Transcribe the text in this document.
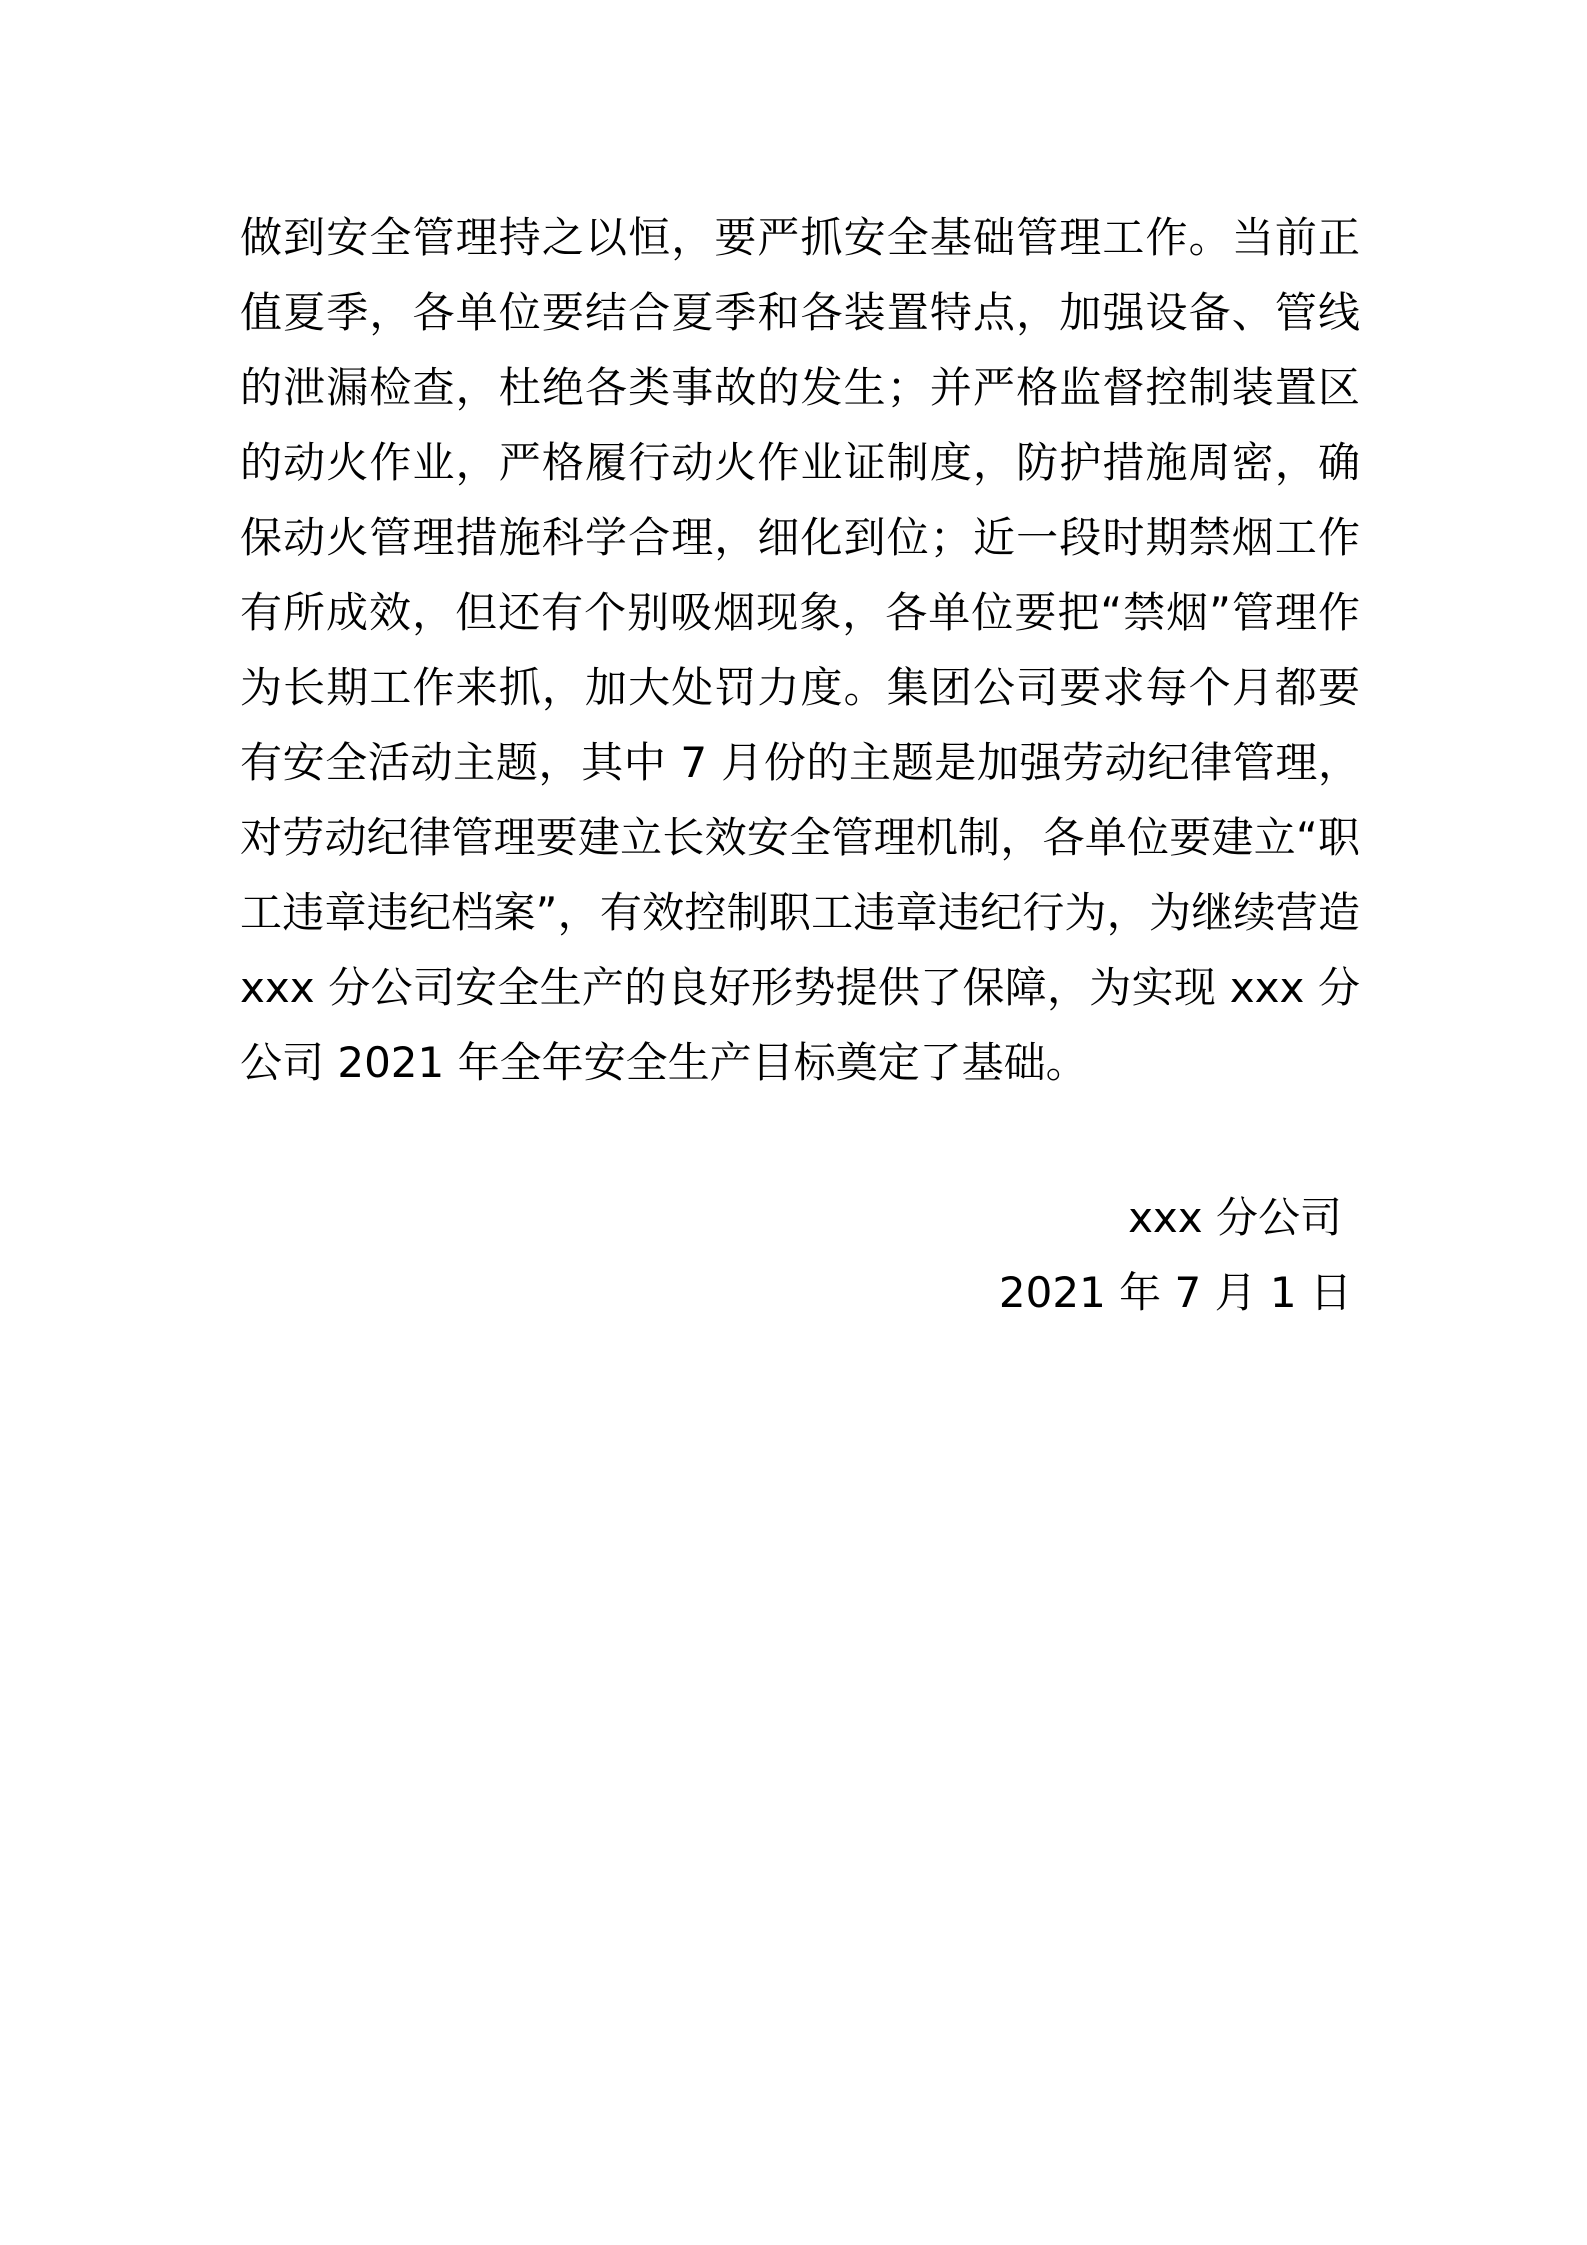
做到安全管理持之以恒，要严抓安全基础管理工作。当前正
值夏季，各单位要结合夏季和各装置特点，加强设备、管线
的泄漏检查，杜绝各类事故的发生；并严格监督控制装置区
的动火作业，严格履行动火作业证制度，防护措施周密，确
保动火管理措施科学合理，细化到位；近一段时期禁烟工作
有所成效，但还有个别吸烟现象，各单位要把“禁烟”管理作
为长期工作来抓，加大处罚力度。集团公司要求每个月都要
有安全活动主题，其中 7 月份的主题是加强劳动纪律管理，
对劳动纪律管理要建立长效安全管理机制，各单位要建立“职
工违章违纪档案”，有效控制职工违章违纪行为，为继续营造
xxx 分公司安全生产的良好形势提供了保障，为实现 xxx 分
公司 2021 年全年安全生产目标奠定了基础。
xxx 分公司
2021 年 7 月 1 日
